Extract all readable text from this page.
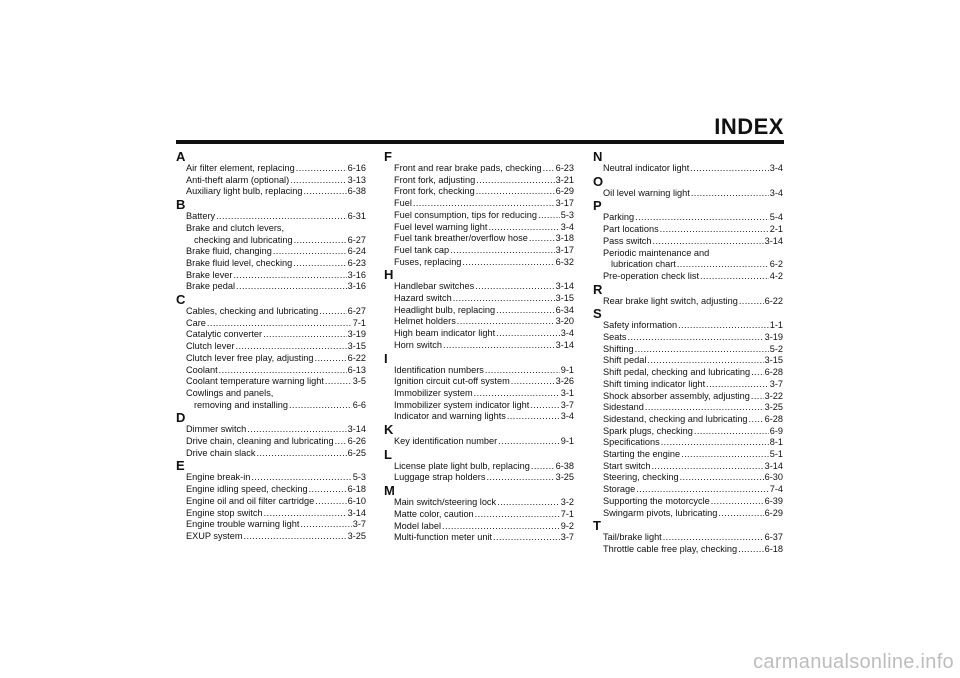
INDEX
A
Air filter element, replacing .....	6-16
Anti-theft alarm (optional) .....	3-13
Auxiliary light bulb, replacing .....	6-38
B
Battery .....	6-31
Brake and clutch levers,
checking and lubricating .....	6-27
Brake fluid, changing .....	6-24
Brake fluid level, checking .....	6-23
Brake lever .....	3-16
Brake pedal .....	3-16
C
Cables, checking and lubricating .....	6-27
Care .....	7-1
Catalytic converter .....	3-19
Clutch lever .....	3-15
Clutch lever free play, adjusting .....	6-22
Coolant .....	6-13
Coolant temperature warning light .....	3-5
Cowlings and panels,
removing and installing .....	6-6
D
Dimmer switch .....	3-14
Drive chain, cleaning and lubricating ..... 6-26
Drive chain slack .....	6-25
E
Engine break-in .....	5-3
Engine idling speed, checking .....	6-18
Engine oil and oil filter cartridge .....	6-10
Engine stop switch .....	3-14
Engine trouble warning light .....	3-7
EXUP system .....	3-25
F
Front and rear brake pads, checking ..... 6-23
Front fork, adjusting .....	3-21
Front fork, checking .....	6-29
Fuel .....	3-17
Fuel consumption, tips for reducing .....	5-3
Fuel level warning light .....	3-4
Fuel tank breather/overflow hose .....	3-18
Fuel tank cap .....	3-17
Fuses, replacing .....	6-32
H
Handlebar switches .....	3-14
Hazard switch .....	3-15
Headlight bulb, replacing .....	6-34
Helmet holders .....	3-20
High beam indicator light .....	3-4
Horn switch .....	3-14
I
Identification numbers .....	9-1
Ignition circuit cut-off system .....	3-26
Immobilizer system .....	3-1
Immobilizer system indicator light .....	3-7
Indicator and warning lights .....	3-4
K
Key identification number .....	9-1
L
License plate light bulb, replacing .....	6-38
Luggage strap holders .....	3-25
M
Main switch/steering lock .....	3-2
Matte color, caution .....	7-1
Model label .....	9-2
Multi-function meter unit .....	3-7
N
Neutral indicator light .....	3-4
O
Oil level warning light .....	3-4
P
Parking .....	5-4
Part locations .....	2-1
Pass switch .....	3-14
Periodic maintenance and
lubrication chart .....	6-2
Pre-operation check list .....	4-2
R
Rear brake light switch, adjusting .....	6-22
S
Safety information .....	1-1
Seats .....	3-19
Shifting .....	5-2
Shift pedal .....	3-15
Shift pedal, checking and lubricating ..... 6-28
Shift timing indicator light .....	3-7
Shock absorber assembly, adjusting ..... 3-22
Sidestand .....	3-25
Sidestand, checking and lubricating ..... 6-28
Spark plugs, checking .....	6-9
Specifications .....	8-1
Starting the engine .....	5-1
Start switch .....	3-14
Steering, checking .....	6-30
Storage .....	7-4
Supporting the motorcycle .....	6-39
Swingarm pivots, lubricating .....	6-29
T
Tail/brake light .....	6-37
Throttle cable free play, checking .....	6-18
carmanualsonline.info
